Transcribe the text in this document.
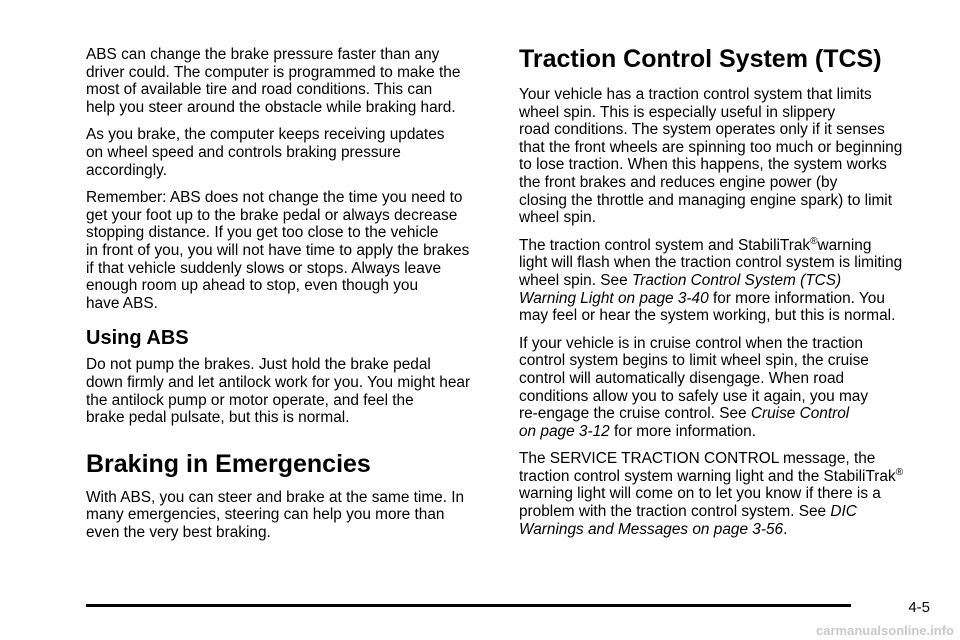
ABS can change the brake pressure faster than any
driver could. The computer is programmed to make the
most of available tire and road conditions. This can
help you steer around the obstacle while braking hard.

As you brake, the computer keeps receiving updates
on wheel speed and controls braking pressure
accordingly.

Remember: ABS does not change the time you need to
get your foot up to the brake pedal or always decrease
stopping distance. If you get too close to the vehicle
in front of you, you will not have time to apply the brakes
if that vehicle suddenly slows or stops. Always leave
enough room up ahead to stop, even though you
have ABS.

Using ABS

Do not pump the brakes. Just hold the brake pedal
down firmly and let antilock work for you. You might hear
the antilock pump or motor operate, and feel the
brake pedal pulsate, but this is normal.

Braking in Emergencies

With ABS, you can steer and brake at the same time. In
many emergencies, steering can help you more than
even the very best braking.

Traction Control System (TCS)

Your vehicle has a traction control system that limits
wheel spin. This is especially useful in slippery
road conditions. The system operates only if it senses
that the front wheels are spinning too much or beginning
to lose traction. When this happens, the system works
the front brakes and reduces engine power (by
closing the throttle and managing engine spark) to limit
wheel spin.

The traction control system and StabiliTrak®warning
light will flash when the traction control system is limiting
wheel spin. See Traction Control System (TCS)
Warning Light on page 3-40 for more information. You
may feel or hear the system working, but this is normal.

If your vehicle is in cruise control when the traction
control system begins to limit wheel spin, the cruise
control will automatically disengage. When road
conditions allow you to safely use it again, you may
re-engage the cruise control. See Cruise Control
on page 3-12 for more information.

The SERVICE TRACTION CONTROL message, the
traction control system warning light and the StabiliTrak®
warning light will come on to let you know if there is a
problem with the traction control system. See DIC
Warnings and Messages on page 3-56.

4-5
carmanualsonline.info
